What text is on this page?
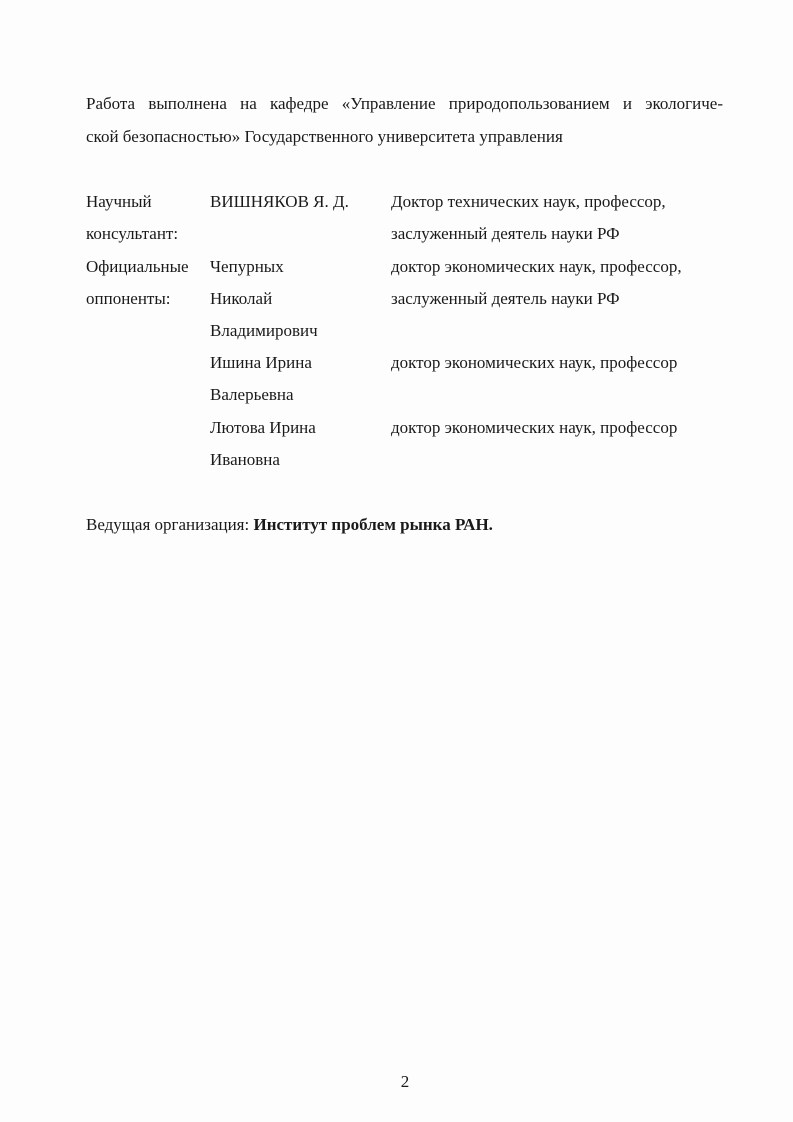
Работа выполнена на кафедре «Управление природопользованием и экологиче-
ской безопасностью» Государственного университета управления
Научный
консультант:
ВИШНЯКОВ Я. Д. Доктор технических наук, профессор,
заслуженный деятель науки РФ
Официальные
оппоненты:
Чепурных
Николай
Владимирович
доктор экономических наук, профессор,
заслуженный деятель науки РФ
Ишина Ирина
Валерьевна
доктор экономических наук, профессор
Лютова Ирина
Ивановна
доктор экономических наук, профессор
Ведущая организация: Институт проблем рынка РАН.
2
